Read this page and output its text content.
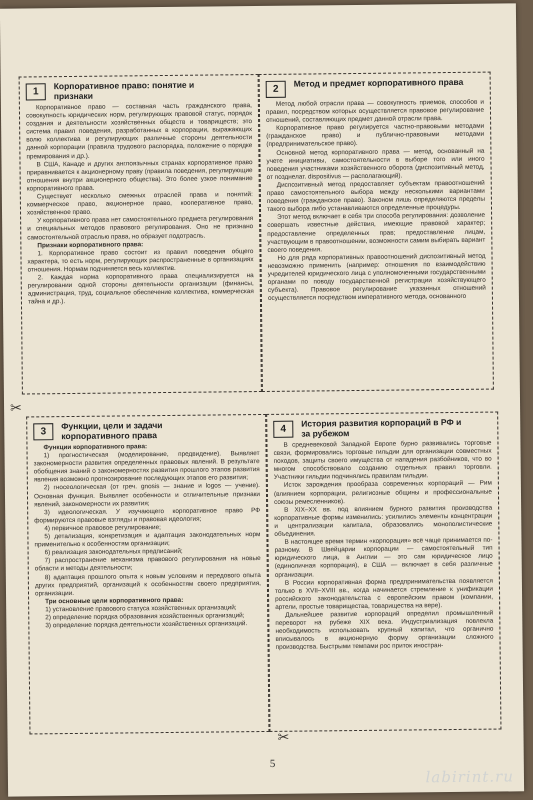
1
Корпоративное право: понятие и признаки

Корпоративное право — составная часть гражданского права, совокупность юридических норм, регулирующих правовой статус, порядок создания и деятельности хозяйственных обществ и товариществ; это система правил поведения, разработанных в корпорации, выражающих волю коллектива и регулирующих различные стороны деятельности данной корпорации (правила трудового распорядка, положение о порядке премирования и др.).

В США, Канаде и других англоязычных странах корпоративное право приравнивается к акционерному праву (правила поведения, регулирующие отношения внутри акционерного общества). Это болee узкое понимание корпоративного права.

Существует несколько смежных отраслей права и понятий: коммерческое право, акционерное право, кооперативное право, хозяйственное право.

У корпоративного права нет самостоятельного предмета регулирования и специальных методов правового регулирования. Оно не признано самостоятельной отраслью права, но образует подотрасль.

Признаки корпоративного права:

1. Корпоративное право состоит из правил поведения общего характера, то есть норм, регулирующих распространенные в организациях отношения. Нормам подчиняется весь коллектив.

2. Каждая норма корпоративного права специализируется на регулировании одной стороны деятельности организации (финансы, администрация, труд, социальное обеспечение коллектива, коммерческая тайна и др.).

2
Метод и предмет корпоративного права

Метод любой отрасли права — совокупность приемов, способов и правил, посредством которых осуществляется правовое регулирование отношений, составляющих предмет данной отрасли права.

Корпоративное право регулируется частно-правовыми методами (гражданское право) и публично-правовыми методами (предпринимательское право).

Основной метод корпоративного права — метод, основанный на учете инициативы, самостоятельности в выборе того или иного поведения участниками хозяйственного оборота (диспозитивный метод, от позднелат. dispositivus — располагающий).

Диспозитивный метод предоставляет субъектам правоотношений право самостоятельного выбора между несколькими вариантами поведения (гражданское право). Законом лишь определяются пределы такого выбора либо устанавливаются определенные процедуры.

Этот метод включает в себя три способа регулирования: дозволение совершать известные действия, имеющие правовой характер; предоставление определенных прав; предоставление лицам, участвующим в правоотношении, возможности самим выбирать вариант своего поведения.

Но для ряда корпоративных правоотношений диспозитивный метод невозможно применить (например: отношения по взаимодействию учредителей юридического лица с уполномоченными государственными органами по поводу государственной регистрации хозяйствующего субъекта). Правовое регулирование указанных отношений осуществляется посредством императивного метода, основанного

✂
3
Функции, цели и задачи корпоративного права

Функции корпоративного права:

1) прогностическая (моделирование, предвидение). Выявляет закономерности развития определенных правовых явлений. В результате обобщения знаний о закономерностях развития прошлого этапов развития явления возможно прогнозирование последующих этапов его развития;

2) гносеологическая (от греч. gnosis — знание и logos — учение). Основная функция. Выявляет особенности и отличительные признаки явлений, закономерности их развития;

3) идеологическая. У изучающего корпоративное право РФ формируются правовые взгляды и правовая идеология;

4) первичное правовое регулирование;

5) детализация, конкретизация и адаптация законодательных норм применительно к особенностям организации;

6) реализация законодательных предписаний;

7) распространение механизма правового регулирования на новые области и методы деятельности;

8) адаптация прошлого опыта к новым условиям и передового опыта других предприятий, организаций к особенностям своего предприятия, организации.

Три основные цели корпоративного права:

1) установление правового статуса хозяйственных организаций;

2) определение порядка образования хозяйственных организаций;

3) определение порядка деятельности хозяйственных организаций.

4
История развития корпораций в РФ и за рубежом

В средневековой Западной Европе бурно развивались торговые связи, формировались торговые гильдии для организации совместных походов, защиты своего имущества от нападения разбойников, что во многом способствовало созданию отдельных правил торговли. Участники гильдии подчинялись правилам гильдии.

Исток зарождения прообраза современных корпораций — Рим (влиянием корпорации, религиозные общины и профессиональные союзы ремесленников).

В XIX–XX вв. под влиянием бурного развития производства корпоративные формы изменились: усилились элементы концентрации и централизации капитала, образовались монополистические объединения.

В настоящее время термин «корпорация» всё чаще принимается по-разному. В Швейцарии корпорации — самостоятельный тип юридического лица, в Англии — это сам юридическое лицо (единоличная корпорация), в США — включает в себя различные организации.

В России корпоративная форма предпринимательства появляется только в XVII–XVIII вв., когда начинается стремление к унификации российского законодательства с европейским правом (компании, артели, простые товарищества, товарищества на вере).

Дальнейшее развитие корпораций определил промышленный переворот на рубеже XIX века. Индустриализация повлекла необходимость использовать крупный капитал, что органично вписывалось в акционерную форму организации сложного производства. Быстрыми темпами рос приток иностран-

✂
5
labirint.ru
